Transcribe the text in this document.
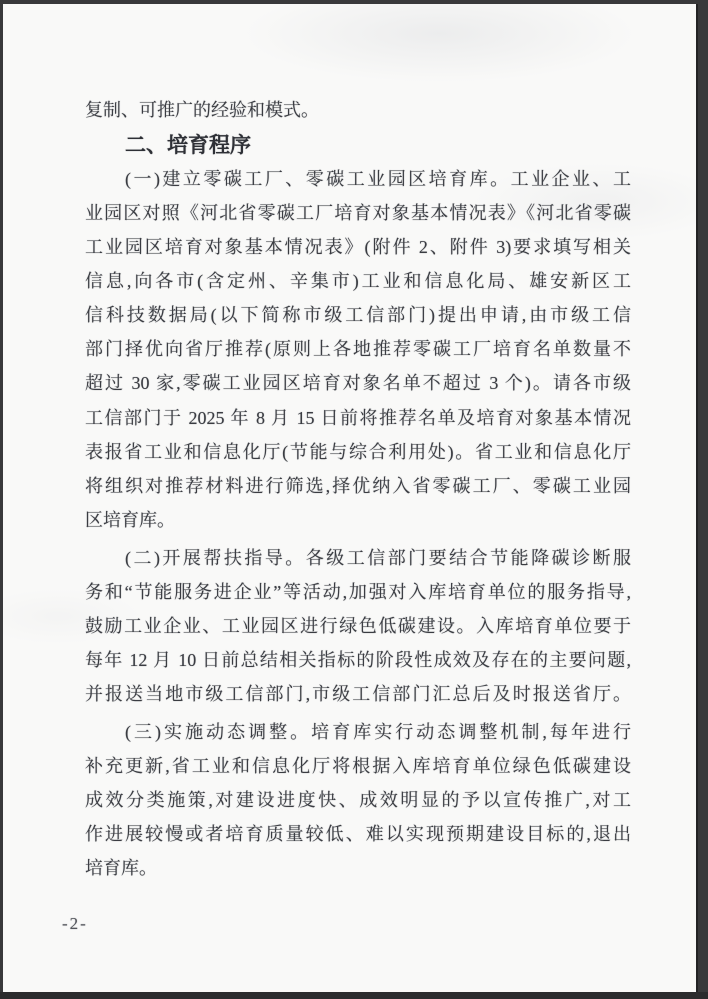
复制、可推广的经验和模式。
二、培育程序
(一)建立零碳工厂、零碳工业园区培育库。工业企业、工
业园区对照《河北省零碳工厂培育对象基本情况表》《河北省零碳
工业园区培育对象基本情况表》(附件 2、附件 3)要求填写相关
信息,向各市(含定州、辛集市)工业和信息化局、雄安新区工
信科技数据局(以下简称市级工信部门)提出申请,由市级工信
部门择优向省厅推荐(原则上各地推荐零碳工厂培育名单数量不
超过 30 家,零碳工业园区培育对象名单不超过 3 个)。请各市级
工信部门于 2025 年 8 月 15 日前将推荐名单及培育对象基本情况
表报省工业和信息化厅(节能与综合利用处)。省工业和信息化厅
将组织对推荐材料进行筛选,择优纳入省零碳工厂、零碳工业园
区培育库。
(二)开展帮扶指导。各级工信部门要结合节能降碳诊断服
务和“节能服务进企业”等活动,加强对入库培育单位的服务指导,
鼓励工业企业、工业园区进行绿色低碳建设。入库培育单位要于
每年 12 月 10 日前总结相关指标的阶段性成效及存在的主要问题,
并报送当地市级工信部门,市级工信部门汇总后及时报送省厅。
(三)实施动态调整。培育库实行动态调整机制,每年进行
补充更新,省工业和信息化厅将根据入库培育单位绿色低碳建设
成效分类施策,对建设进度快、成效明显的予以宣传推广,对工
作进展较慢或者培育质量较低、难以实现预期建设目标的,退出
培育库。
-2-
